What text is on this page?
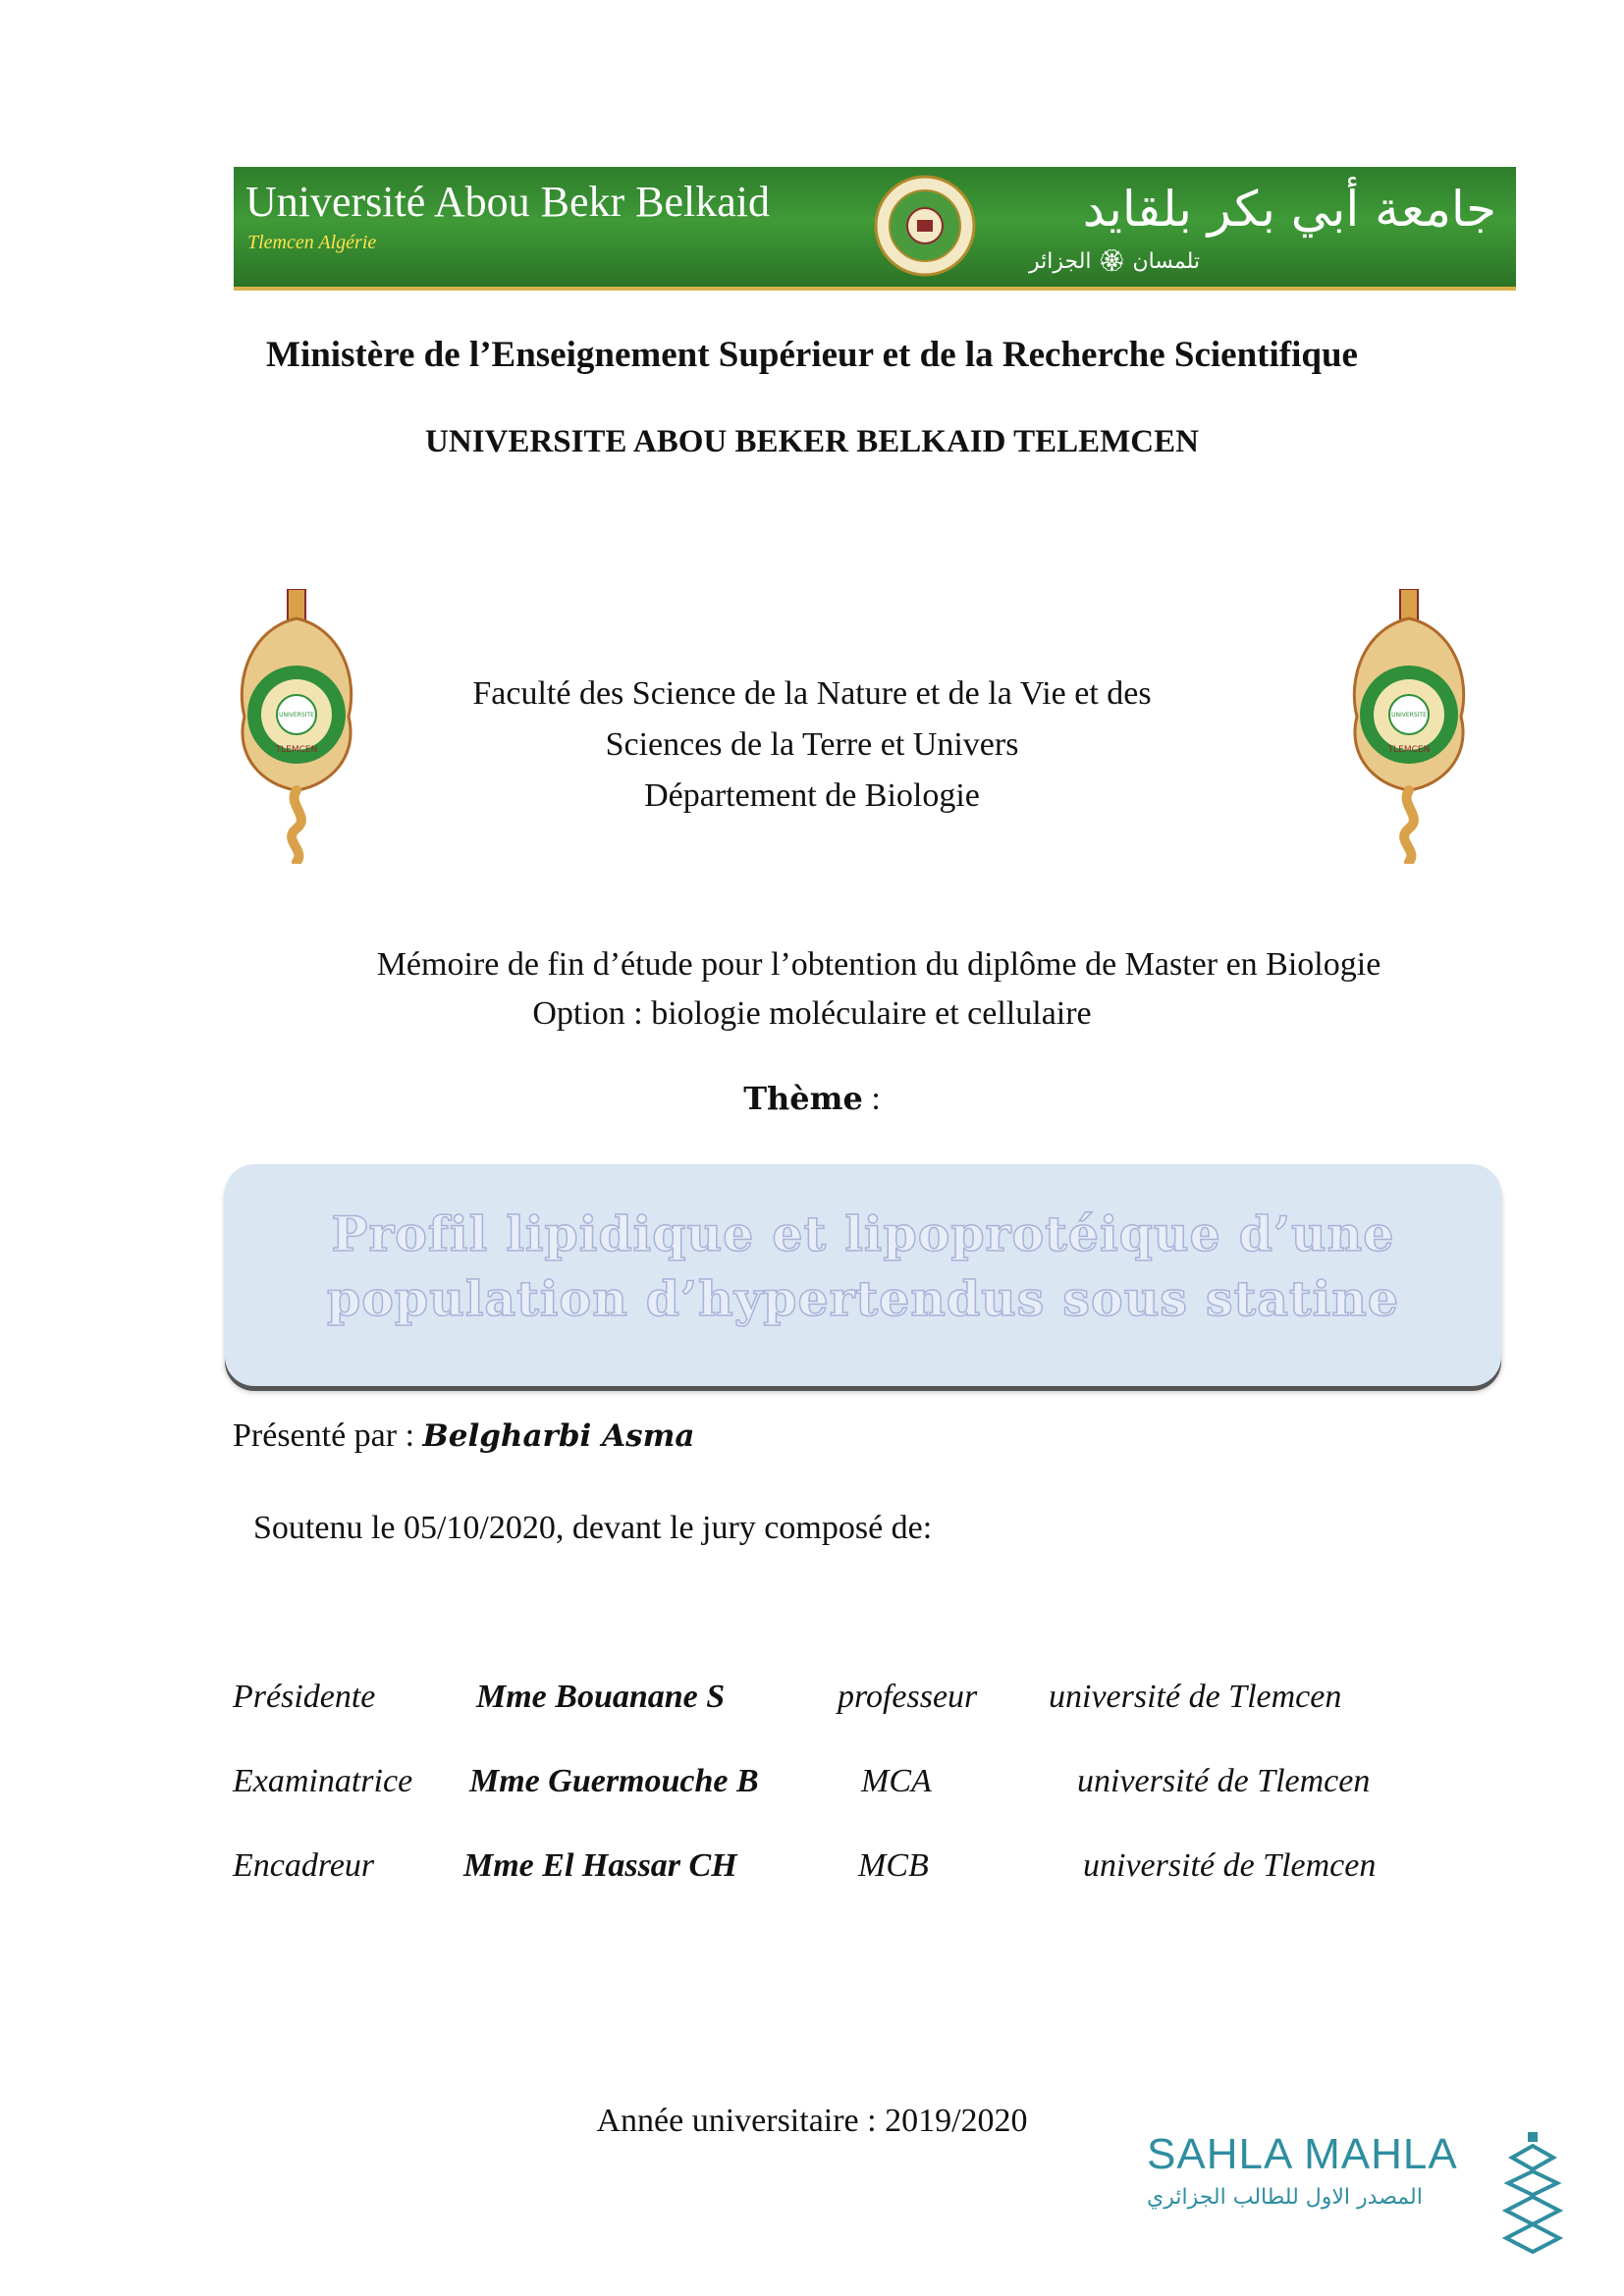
Université Abou Bekr Belkaid
Tlemcen Algérie
جامعة أبي بكر بلقايد
تلمسان 🏵 الجزائر
Ministère de l’Enseignement Supérieur et de la Recherche Scientifique
UNIVERSITE ABOU BEKER BELKAID TELEMCEN
UNIVERSITE
TLEMCEN
UNIVERSITE
TLEMCEN
Faculté des Science de la Nature et de la Vie et des
Sciences de la Terre et Univers
Département de Biologie
Mémoire de fin d’étude pour l’obtention du diplôme de Master en Biologie
Option : biologie moléculaire et cellulaire
Thème :
Profil lipidique et lipoprotéique d’une
population d’hypertendus sous statine
Présenté par : Belgharbi Asma
Soutenu le 05/10/2020, devant le jury composé de:
Présidente	Mme Bouanane S	professeur université de Tlemcen
Examinatrice Mme Guermouche B	MCA	université de Tlemcen
Encadreur	Mme El Hassar CH	MCB	université de Tlemcen
Année universitaire : 2019/2020
SAHLA MAHLA
المصدر الاول للطالب الجزائري
